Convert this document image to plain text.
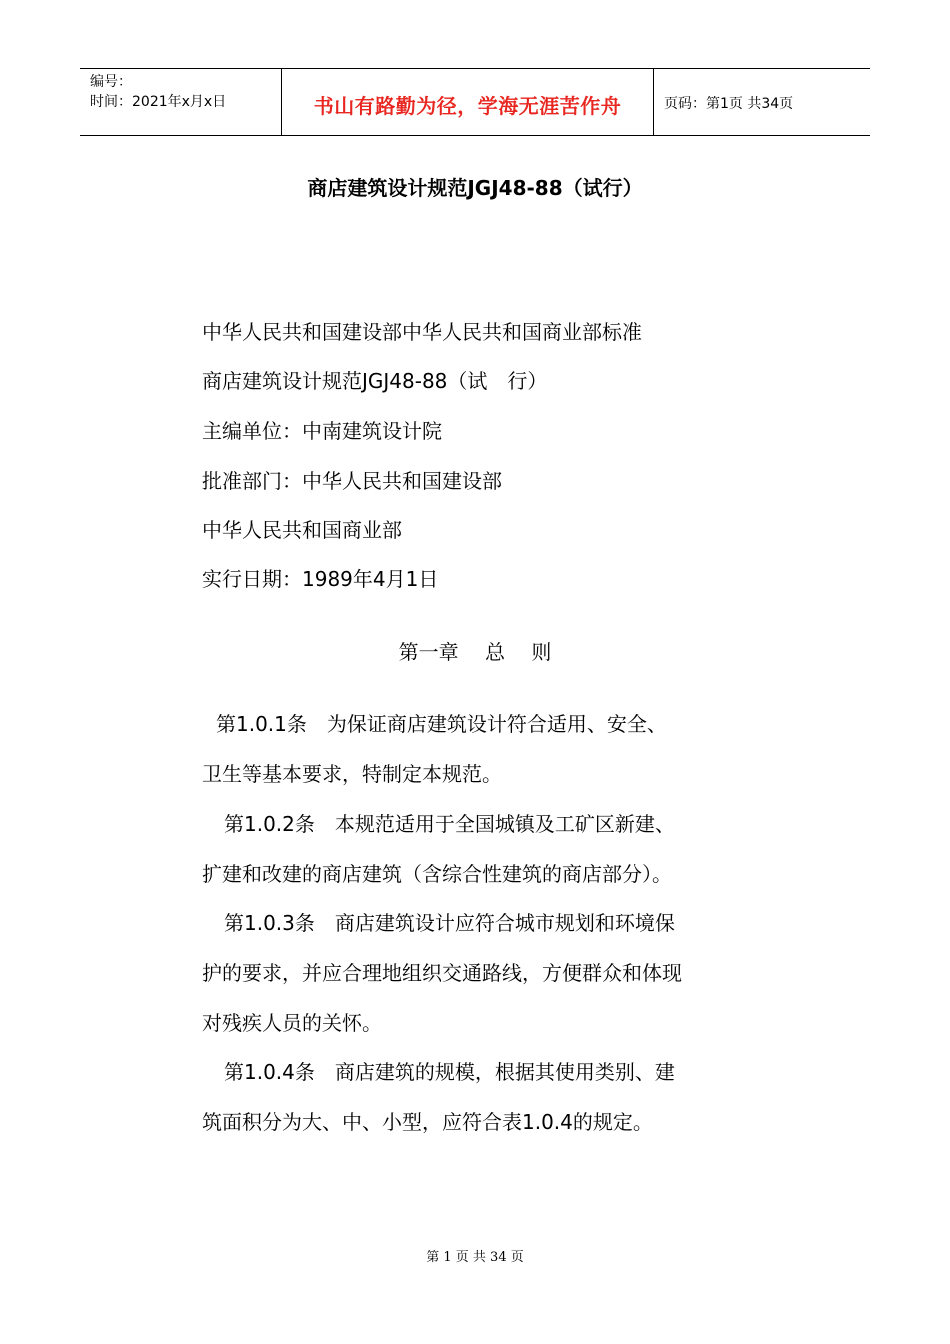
编号：
时间：2021年x月x日	书山有路勤为径，学海无涯苦作舟	页码：第1页 共34页
商店建筑设计规范JGJ48-88（试行）
中华人民共和国建设部中华人民共和国商业部标准
商店建筑设计规范JGJ48-88（试　行）
主编单位：中南建筑设计院
批准部门：中华人民共和国建设部
中华人民共和国商业部
实行日期：1989年4月1日
第一章　 总　 则
第1.0.1条　为保证商店建筑设计符合适用、安全、
卫生等基本要求，特制定本规范。
第1.0.2条　本规范适用于全国城镇及工矿区新建、
扩建和改建的商店建筑（含综合性建筑的商店部分）。
第1.0.3条　商店建筑设计应符合城市规划和环境保
护的要求，并应合理地组织交通路线，方便群众和体现
对残疾人员的关怀。
第1.0.4条　商店建筑的规模，根据其使用类别、建
筑面积分为大、中、小型，应符合表1.0.4的规定。
第 1 页 共 34 页
